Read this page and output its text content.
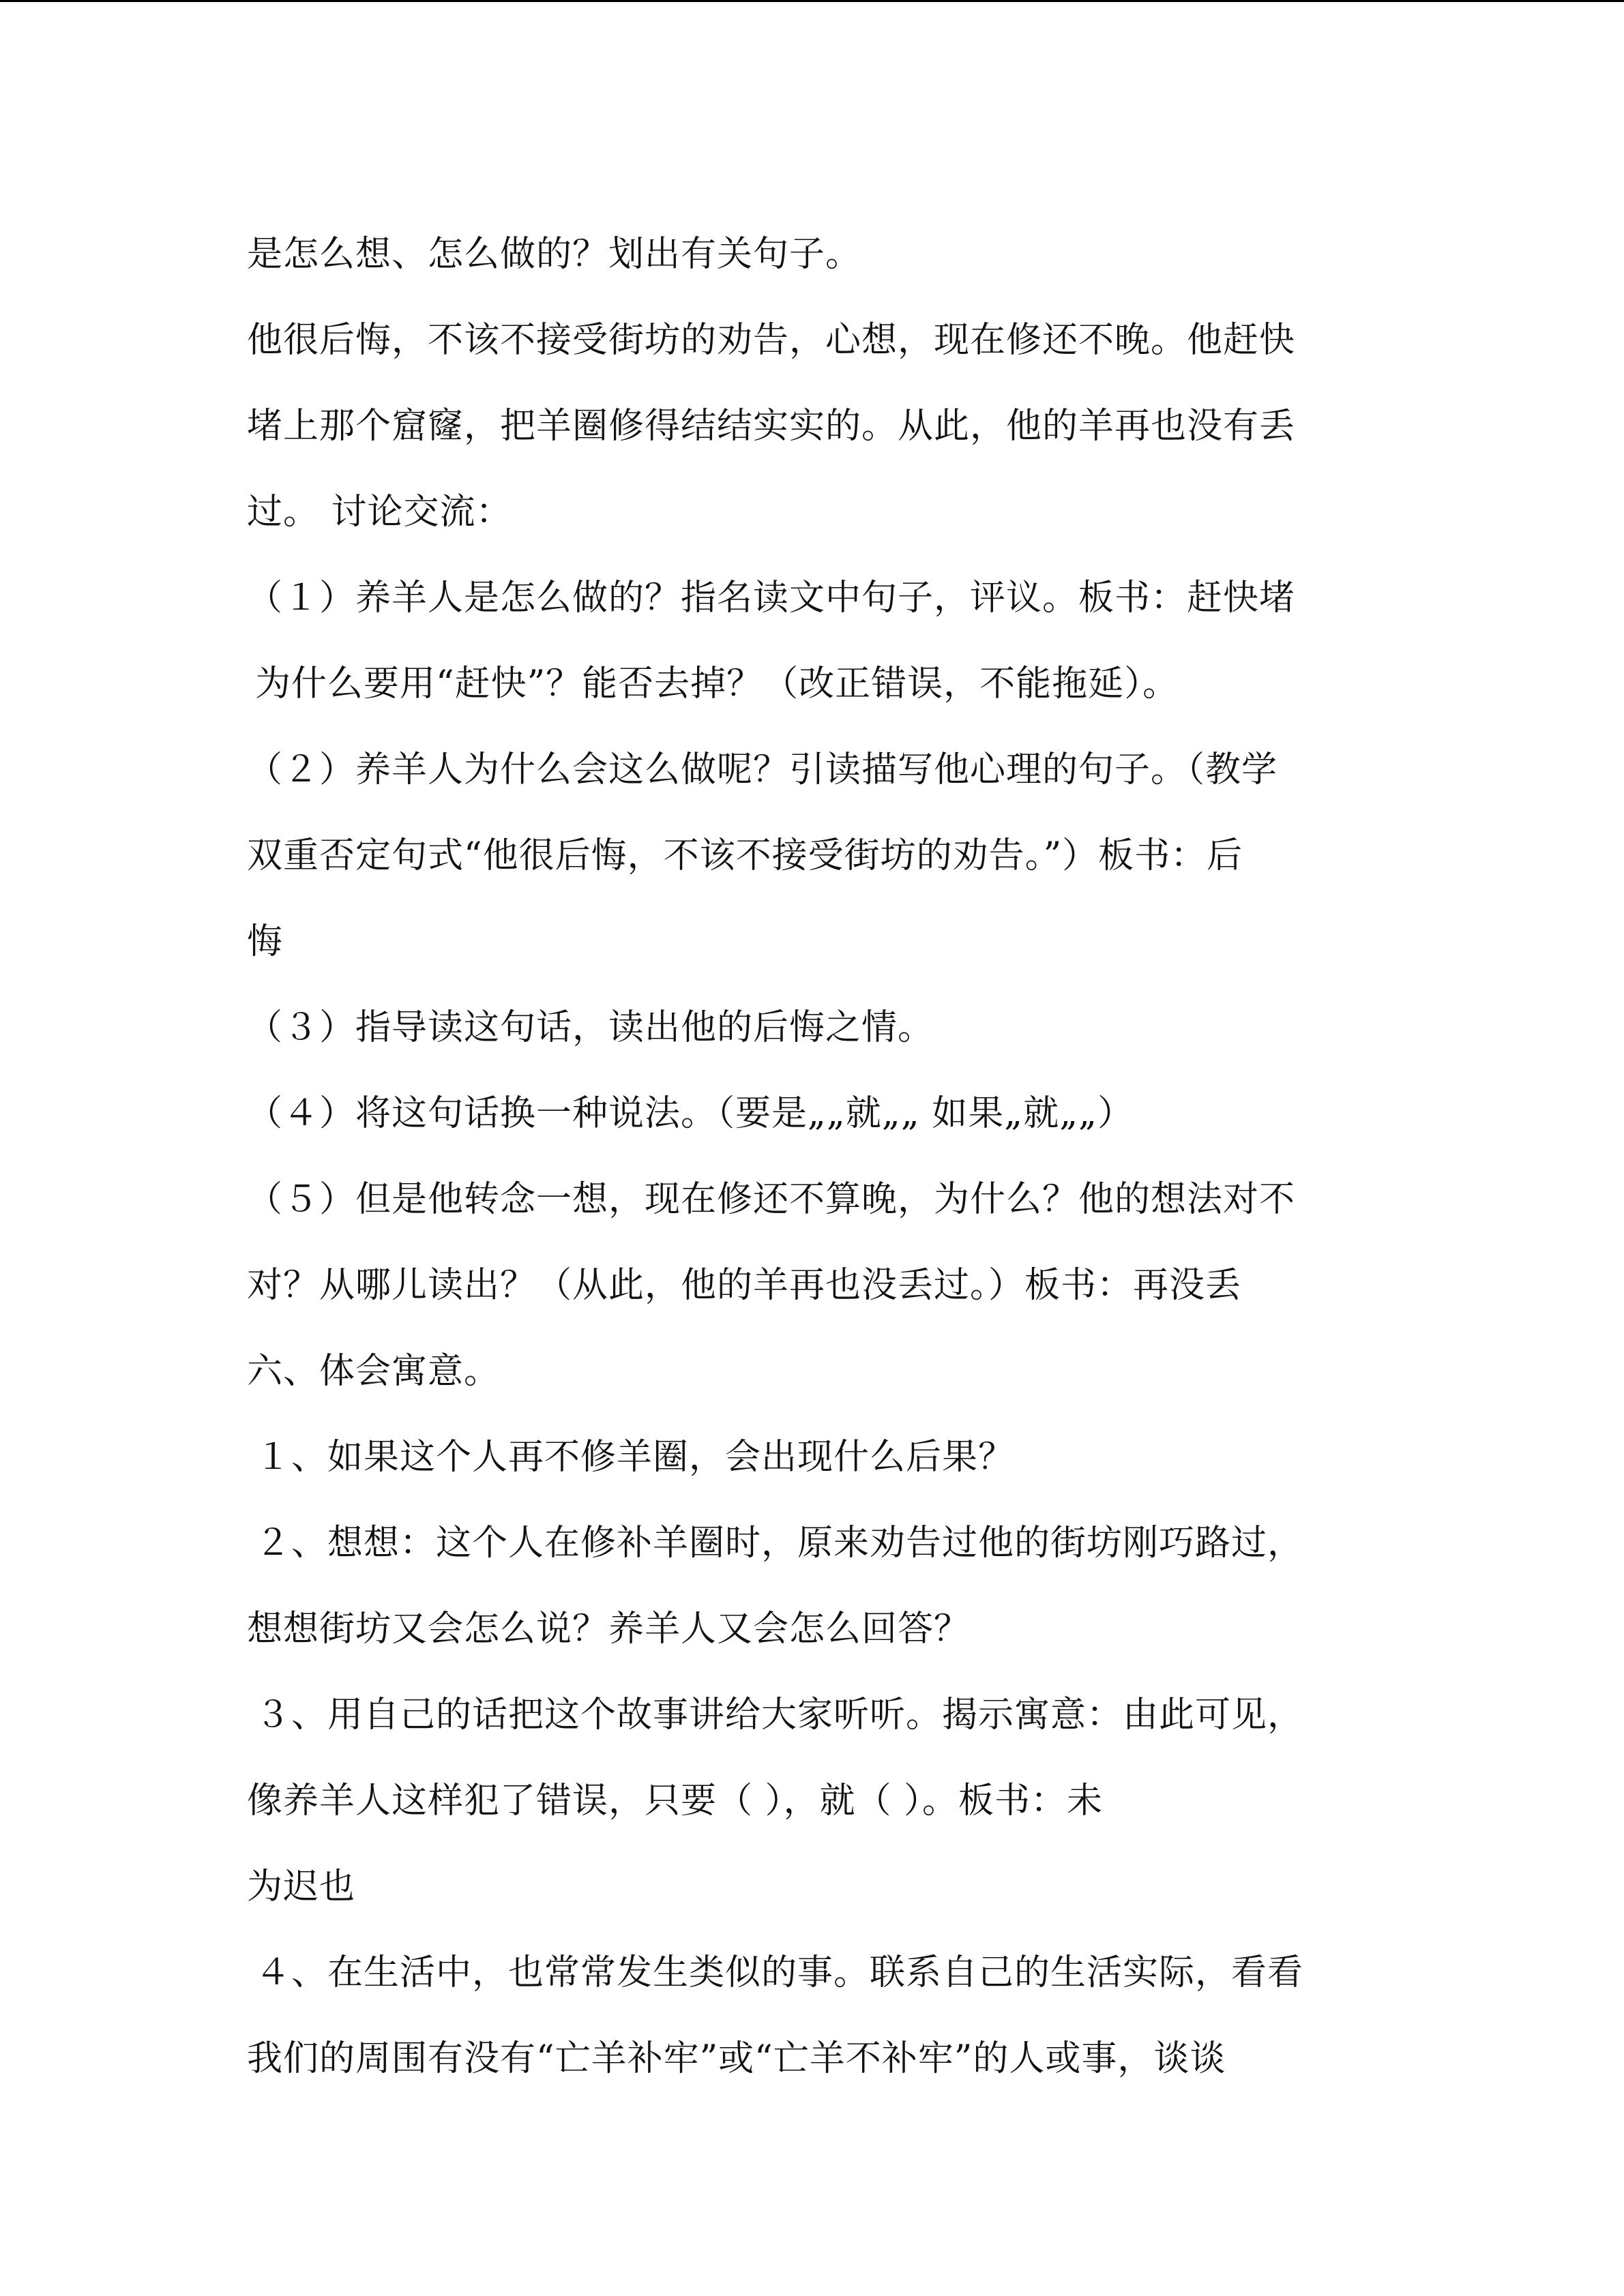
是怎么想、怎么做的？划出有关句子。
他很后悔，不该不接受街坊的劝告，心想，现在修还不晚。他赶快
堵上那个窟窿，把羊圈修得结结实实的。从此，他的羊再也没有丢
过。 讨论交流：
（１）养羊人是怎么做的？指名读文中句子，评议。板书：赶快堵
为什么要用“赶快”？能否去掉？（改正错误，不能拖延）。
（２）养羊人为什么会这么做呢？引读描写他心理的句子。（教学
双重否定句式“他很后悔，不该不接受街坊的劝告。”）板书：后
悔
（３）指导读这句话，读出他的后悔之情。
（４）将这句话换一种说法。（要是„„就„„ 如果„就„„）
（５）但是他转念一想，现在修还不算晚，为什么？他的想法对不
对？从哪儿读出？（从此，他的羊再也没丢过。）板书：再没丢
六、体会寓意。
１、如果这个人再不修羊圈，会出现什么后果？
２、想想：这个人在修补羊圈时，原来劝告过他的街坊刚巧路过，
想想街坊又会怎么说？养羊人又会怎么回答？
３、用自己的话把这个故事讲给大家听听。揭示寓意：由此可见，
像养羊人这样犯了错误，只要（ ），就（ ）。板书：未
为迟也
４、在生活中，也常常发生类似的事。联系自己的生活实际，看看
我们的周围有没有“亡羊补牢”或“亡羊不补牢”的人或事，谈谈
